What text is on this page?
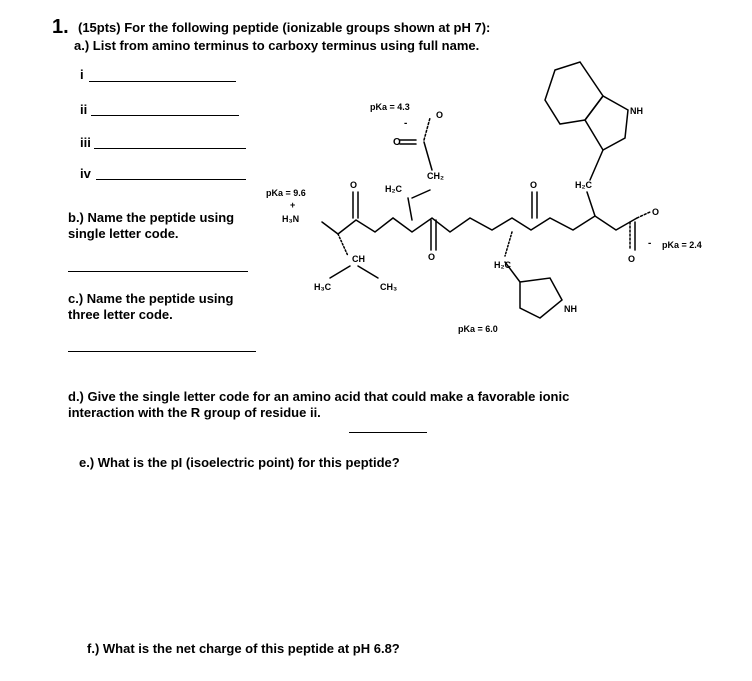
1. (15pts) For the following peptide (ionizable groups shown at pH 7):
a.) List from amino terminus to carboxy terminus using full name.
i
ii
iii
iv
b.) Name the peptide using
single letter code.
c.) Name the peptide using
three letter code.
d.) Give the single letter code for an amino acid that could make a favorable ionic
interaction with the R group of residue ii.
e.) What is the pI (isoelectric point) for this peptide?
f.) What is the net charge of this peptide at pH 6.8?
pKa = 4.3
O
-
O
CH₂
H₂C
pKa = 9.6
+
H₃N
O
O
O
O
O
- pKa = 2.4
CH
H₃C	CH₃
H₂C
NH
pKa = 6.0
H₂C
NH
